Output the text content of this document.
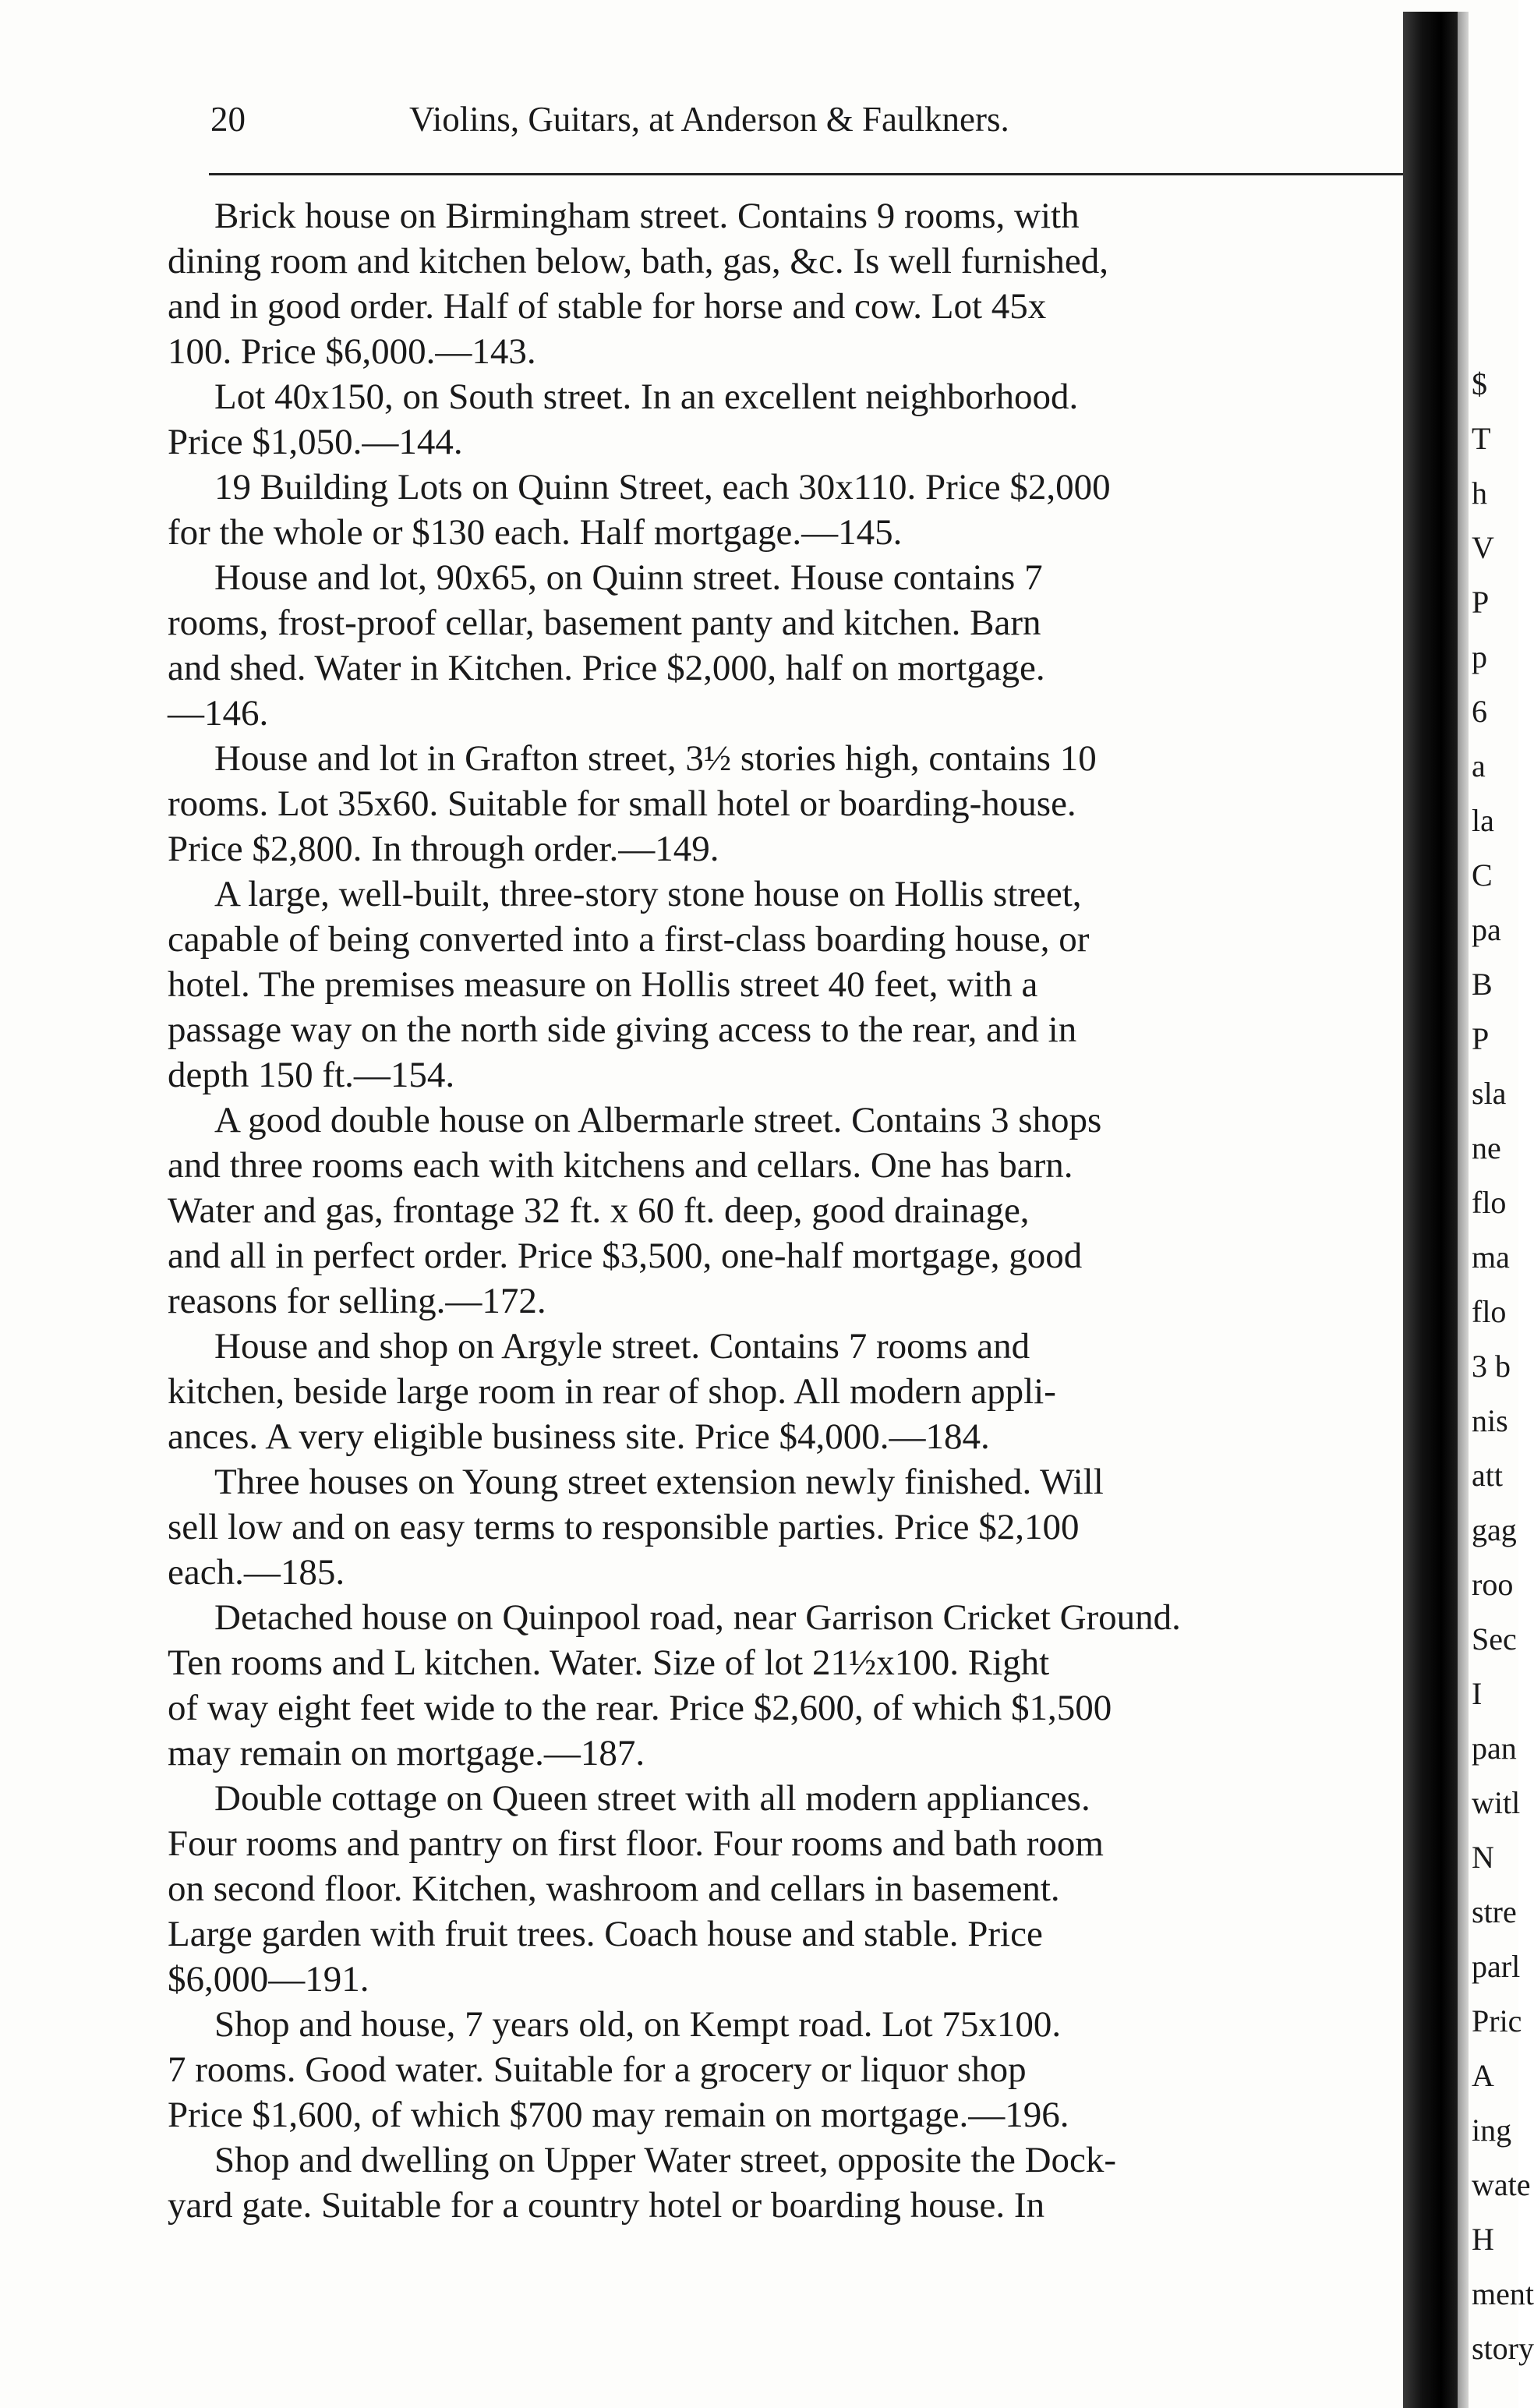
20	Violins, Guitars, at Anderson & Faulkners.
Brick house on Birmingham street. Contains 9 rooms, with
dining room and kitchen below, bath, gas, &c. Is well furnished,
and in good order. Half of stable for horse and cow. Lot 45x
100. Price $6,000.—143.
Lot 40x150, on South street. In an excellent neighborhood.
Price $1,050.—144.
19 Building Lots on Quinn Street, each 30x110. Price $2,000
for the whole or $130 each. Half mortgage.—145.
House and lot, 90x65, on Quinn street. House contains 7
rooms, frost-proof cellar, basement panty and kitchen. Barn
and shed. Water in Kitchen. Price $2,000, half on mortgage.
—146.
House and lot in Grafton street, 3½ stories high, contains 10
rooms. Lot 35x60. Suitable for small hotel or boarding-house.
Price $2,800. In through order.—149.
A large, well-built, three-story stone house on Hollis street,
capable of being converted into a first-class boarding house, or
hotel. The premises measure on Hollis street 40 feet, with a
passage way on the north side giving access to the rear, and in
depth 150 ft.—154.
A good double house on Albermarle street. Contains 3 shops
and three rooms each with kitchens and cellars. One has barn.
Water and gas, frontage 32 ft. x 60 ft. deep, good drainage,
and all in perfect order. Price $3,500, one-half mortgage, good
reasons for selling.—172.
House and shop on Argyle street. Contains 7 rooms and
kitchen, beside large room in rear of shop. All modern appli-
ances. A very eligible business site. Price $4,000.—184.
Three houses on Young street extension newly finished. Will
sell low and on easy terms to responsible parties. Price $2,100
each.—185.
Detached house on Quinpool road, near Garrison Cricket Ground.
Ten rooms and L kitchen. Water. Size of lot 21½x100. Right
of way eight feet wide to the rear. Price $2,600, of which $1,500
may remain on mortgage.—187.
Double cottage on Queen street with all modern appliances.
Four rooms and pantry on first floor. Four rooms and bath room
on second floor. Kitchen, washroom and cellars in basement.
Large garden with fruit trees. Coach house and stable. Price
$6,000—191.
Shop and house, 7 years old, on Kempt road. Lot 75x100.
7 rooms. Good water. Suitable for a grocery or liquor shop
Price $1,600, of which $700 may remain on mortgage.—196.
Shop and dwelling on Upper Water street, opposite the Dock-
yard gate. Suitable for a country hotel or boarding house. In
$
T
h
V
P
p
6
a
la
C
pa
B
P
sla
ne
flo
ma
flo
3 b
nis
att
gag
roo
Sec
I
pan
witl
N
stre
parl
Pric
A
ing
wate
H
ment
story
